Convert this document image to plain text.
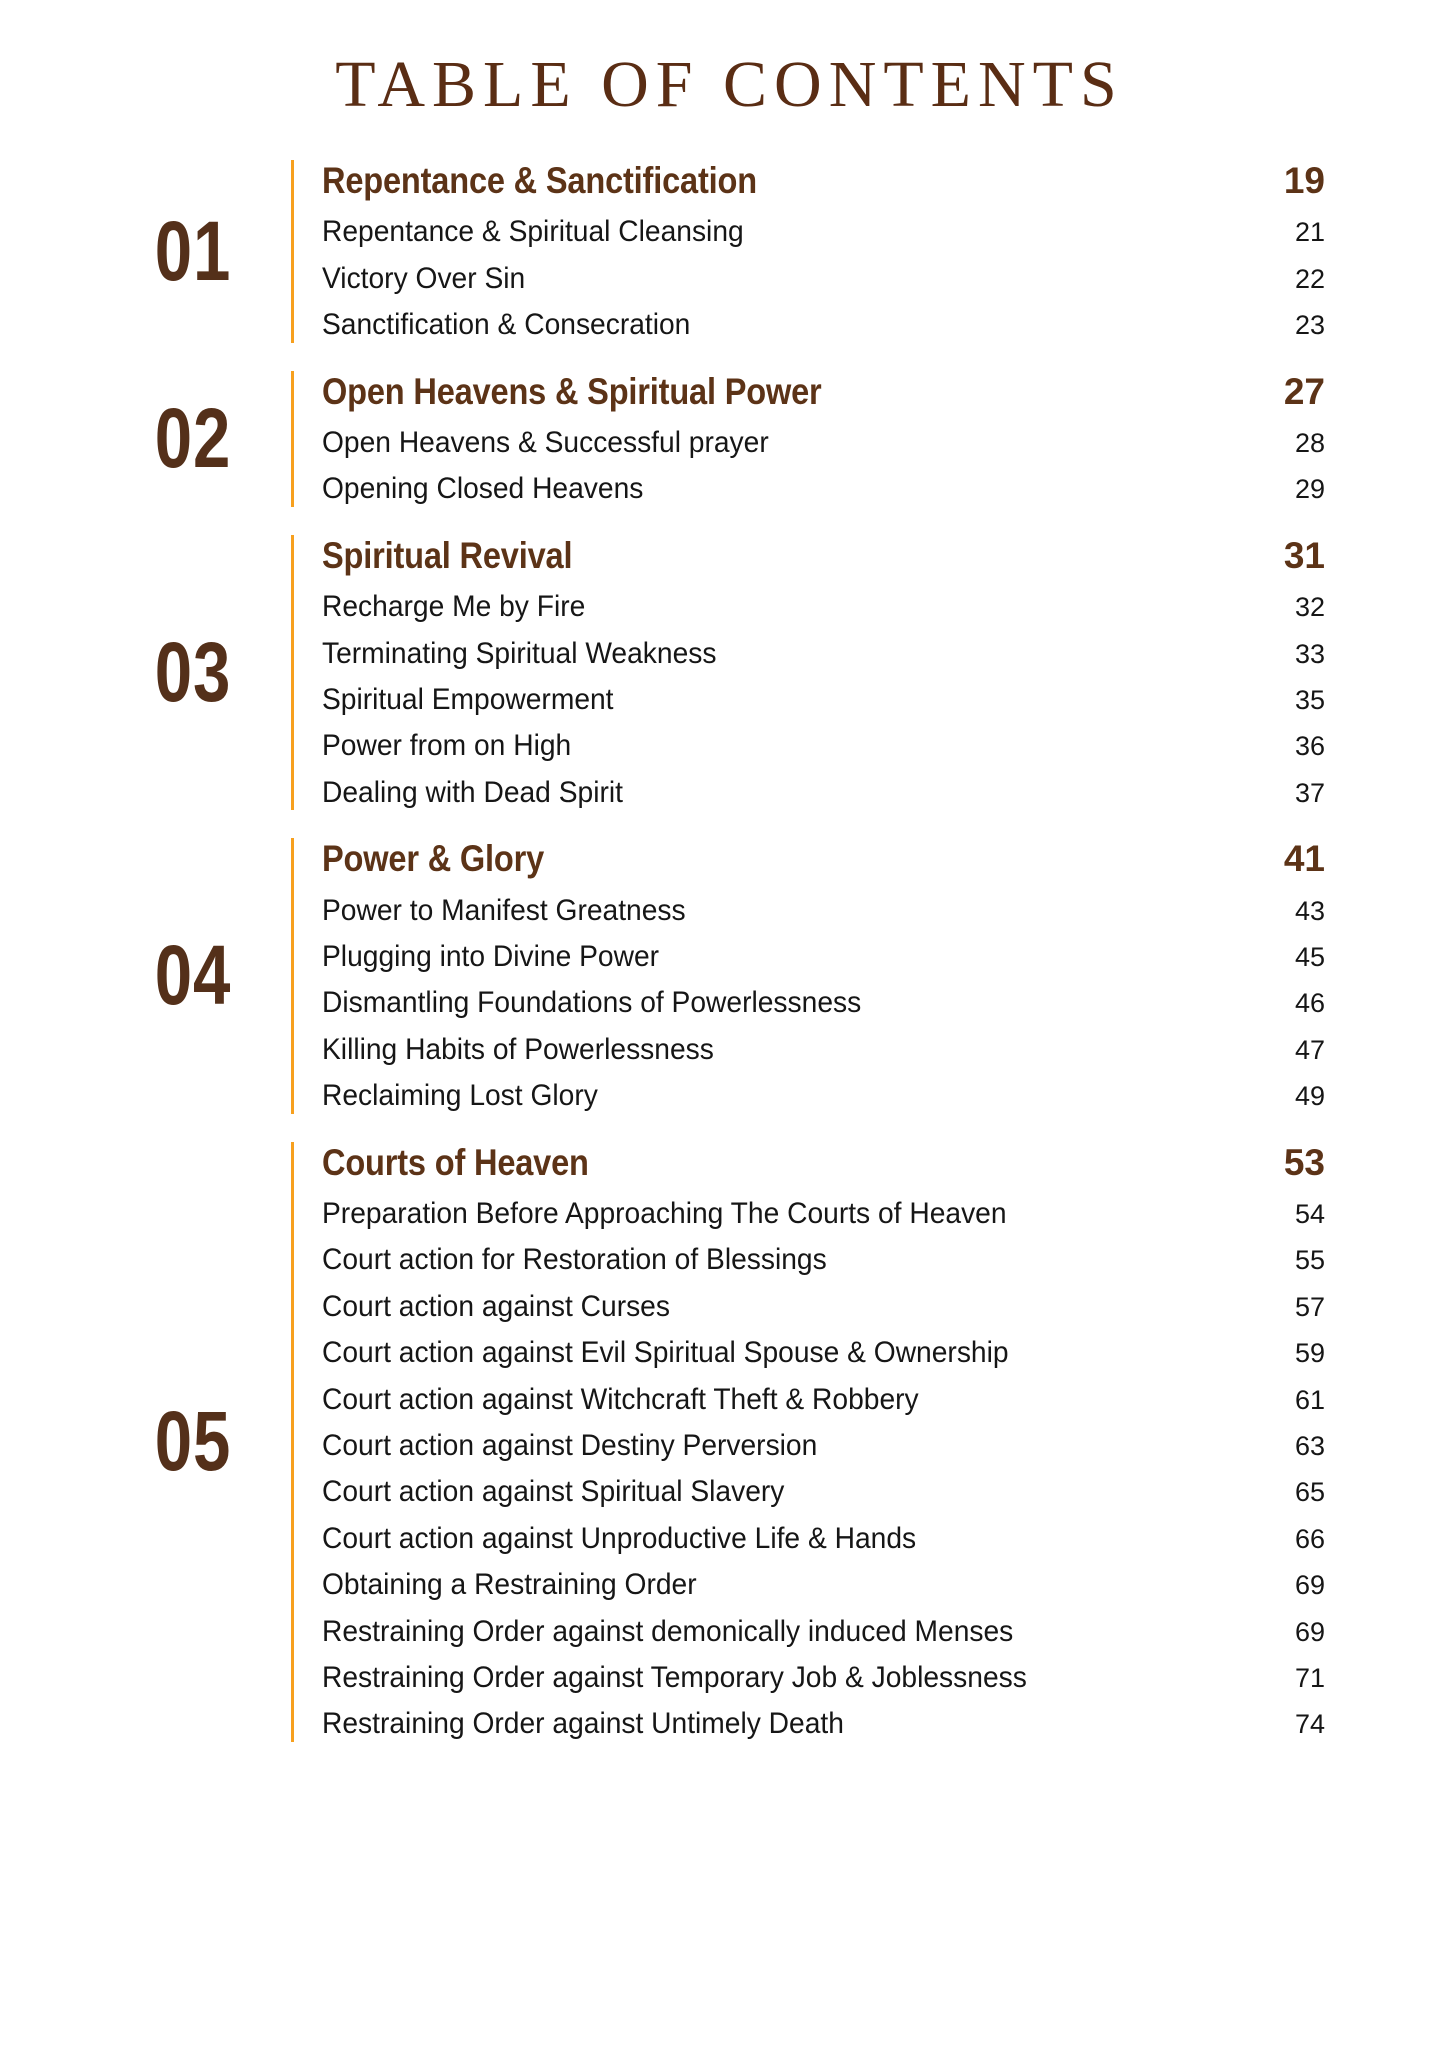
TABLE OF CONTENTS
01
Repentance & Sanctification	19
Repentance & Spiritual Cleansing	21
Victory Over Sin	22
Sanctification & Consecration	23
02	Open Heavens & Spiritual Power	27
Open Heavens & Successful prayer	28
Opening Closed Heavens	29
03
Spiritual Revival	31
Recharge Me by Fire	32
Terminating Spiritual Weakness	33
Spiritual Empowerment	35
Power from on High	36
Dealing with Dead Spirit	37
04
Power & Glory	41
Power to Manifest Greatness	43
Plugging into Divine Power	45
Dismantling Foundations of Powerlessness	46
Killing Habits of Powerlessness	47
Reclaiming Lost Glory	49
05
Courts of Heaven	53
Preparation Before Approaching The Courts of Heaven	54
Court action for Restoration of Blessings	55
Court action against Curses	57
Court action against Evil Spiritual Spouse & Ownership	59
Court action against Witchcraft Theft & Robbery	61
Court action against Destiny Perversion	63
Court action against Spiritual Slavery	65
Court action against Unproductive Life & Hands	66
Obtaining a Restraining Order	69
Restraining Order against demonically induced Menses	69
Restraining Order against Temporary Job & Joblessness	71
Restraining Order against Untimely Death	74
